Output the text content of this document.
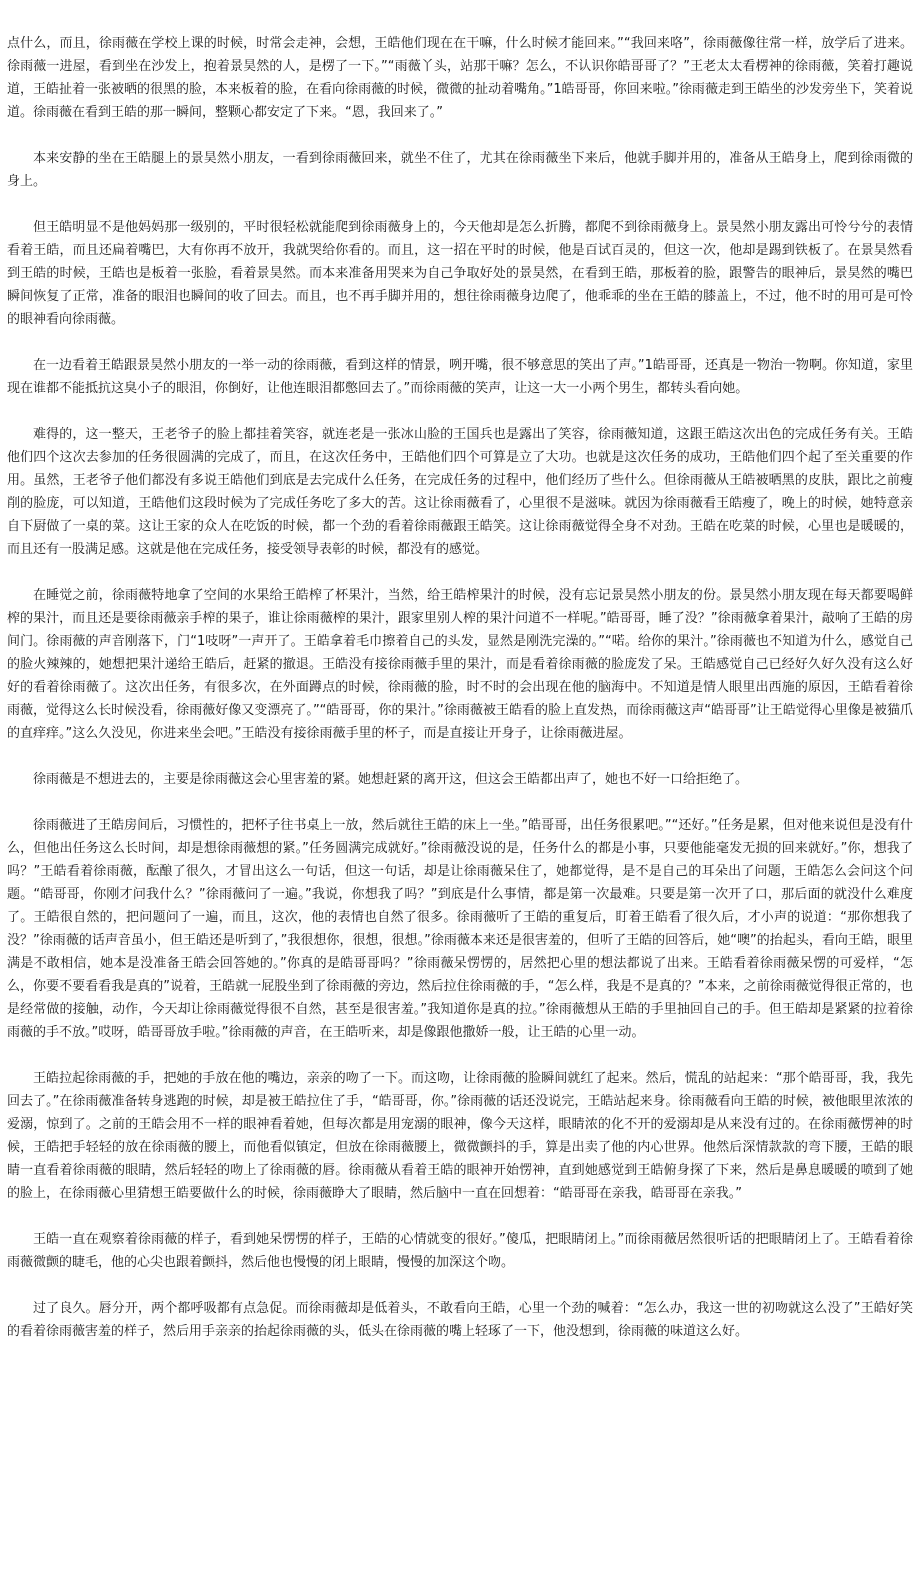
点什么，而且，徐雨薇在学校上课的时候，时常会走神，会想，王皓他们现在在干嘛，什么时候才能回来。”“我回来咯”，徐雨薇像往常一样，放学后了进来。徐雨薇一进屋，看到坐在沙发上，抱着景昊然的人，是楞了一下。”“雨薇丫头，站那干嘛？怎么，不认识你皓哥哥了？”王老太太看楞神的徐雨薇，笑着打趣说道，王皓扯着一张被晒的很黑的脸，本来板着的脸，在看向徐雨薇的时候，微微的扯动着嘴角。”1皓哥哥，你回来啦。”徐雨薇走到王皓坐的沙发旁坐下，笑着说道。徐雨薇在看到王皓的那一瞬间，整颗心都安定了下来。“恩，我回来了。”

本来安静的坐在王皓腿上的景昊然小朋友，一看到徐雨薇回来，就坐不住了，尤其在徐雨薇坐下来后，他就手脚并用的，准备从王皓身上，爬到徐雨微的身上。

但王皓明显不是他妈妈那一级别的，平时很轻松就能爬到徐雨薇身上的，今天他却是怎么折腾，都爬不到徐雨薇身上。景昊然小朋友露出可怜兮兮的表情看着王皓，而且还扁着嘴巴，大有你再不放开，我就哭给你看的。而且，这一招在平时的时候，他是百试百灵的，但这一次，他却是踢到铁板了。在景昊然看到王皓的时候，王皓也是板着一张脸，看着景昊然。而本来准备用哭来为自己争取好处的景昊然，在看到王皓，那板着的脸，跟警告的眼神后，景昊然的嘴巴瞬间恢复了正常，准备的眼泪也瞬间的收了回去。而且，也不再手脚并用的，想往徐雨薇身边爬了，他乖乖的坐在王皓的膝盖上，不过，他不时的用可是可怜的眼神看向徐雨薇。

在一边看着王皓跟景昊然小朋友的一举一动的徐雨薇，看到这样的情景，咧开嘴，很不够意思的笑出了声。”1皓哥哥，还真是一物治一物啊。你知道，家里现在谁都不能抵抗这臭小子的眼泪，你倒好，让他连眼泪都憋回去了。”而徐雨薇的笑声，让这一大一小两个男生，都转头看向她。

难得的，这一整天，王老爷子的脸上都挂着笑容，就连老是一张冰山脸的王国兵也是露出了笑容，徐雨薇知道，这跟王皓这次出色的完成任务有关。王皓他们四个这次去参加的任务很圆满的完成了，而且，在这次任务中，王皓他们四个可算是立了大功。也就是这次任务的成功，王皓他们四个起了至关重要的作用。虽然，王老爷子他们都没有多说王皓他们到底是去完成什么任务，在完成任务的过程中，他们经历了些什么。但徐雨薇从王皓被晒黑的皮肤，跟比之前瘦削的脸庞，可以知道，王皓他们这段时候为了完成任务吃了多大的苦。这让徐雨薇看了，心里很不是滋味。就因为徐雨薇看王皓瘦了，晚上的时候，她特意亲自下厨做了一桌的菜。这让王家的众人在吃饭的时候，都一个劲的看着徐雨薇跟王皓笑。这让徐雨薇觉得全身不对劲。王皓在吃菜的时候，心里也是暖暖的，而且还有一股满足感。这就是他在完成任务，接受领导表彰的时候，都没有的感觉。

在睡觉之前，徐雨薇特地拿了空间的水果给王皓榨了杯果汁，当然，给王皓榨果汁的时候，没有忘记景昊然小朋友的份。景昊然小朋友现在每天都要喝鲜榨的果汁，而且还是要徐雨薇亲手榨的果子，谁让徐雨薇榨的果汁，跟家里别人榨的果汁问道不一样呢。”皓哥哥，睡了没？”徐雨薇拿着果汁，敲响了王皓的房间门。徐雨薇的声音刚落下，门“1吱呀”一声开了。王皓拿着毛巾擦着自己的头发，显然是刚洗完澡的。”“喏。给你的果汁。”徐雨薇也不知道为什么，感觉自己的脸火辣辣的，她想把果汁递给王皓后，赶紧的撤退。王皓没有接徐雨薇手里的果汁，而是看着徐雨薇的脸庞发了呆。王皓感觉自己已经好久好久没有这么好好的看着徐雨薇了。这次出任务，有很多次，在外面蹲点的时候，徐雨薇的脸，时不时的会出现在他的脑海中。不知道是情人眼里出西施的原因，王皓看着徐雨薇，觉得这么长时候没看，徐雨薇好像又变漂亮了。”“皓哥哥，你的果汁。”徐雨薇被王皓看的脸上直发热，而徐雨薇这声“皓哥哥”让王皓觉得心里像是被猫爪的直痒痒。”这么久没见，你进来坐会吧。”王皓没有接徐雨薇手里的杯子，而是直接让开身子，让徐雨薇进屋。

徐雨薇是不想进去的，主要是徐雨薇这会心里害羞的紧。她想赶紧的离开这，但这会王皓都出声了，她也不好一口给拒绝了。

徐雨薇进了王皓房间后，习惯性的，把杯子往书桌上一放，然后就往王皓的床上一坐。”皓哥哥，出任务很累吧。”“还好。”任务是累，但对他来说但是没有什么，但他出任务这么长时间，却是想徐雨薇想的紧。”任务圆满完成就好。”徐雨薇没说的是，任务什么的都是小事，只要他能毫发无损的回来就好。”你，想我了吗？”王皓看着徐雨薇，酝酿了很久，才冒出这么一句话，但这一句话，却是让徐雨薇呆住了，她都觉得，是不是自己的耳朵出了问题，王皓怎么会问这个问题。“皓哥哥，你刚才问我什么？”徐雨薇问了一遍。”我说，你想我了吗？”到底是什么事情，都是第一次最难。只要是第一次开了口，那后面的就没什么难度了。王皓很自然的，把问题问了一遍，而且，这次，他的表情也自然了很多。徐雨薇听了王皓的重复后，盯着王皓看了很久后，才小声的说道：“那你想我了没？”徐雨薇的话声音虽小，但王皓还是听到了，”我很想你，很想，很想。”徐雨薇本来还是很害羞的，但听了王皓的回答后，她“噢”的抬起头，看向王皓，眼里满是不敢相信，她本是没准备王皓会回答她的。”你真的是皓哥哥吗？”徐雨薇呆愣愣的，居然把心里的想法都说了出来。王皓看着徐雨薇呆愣的可爱样，“怎么，你要不要看看我是真的”说着，王皓就一屁股坐到了徐雨薇的旁边，然后拉住徐雨薇的手，“怎么样，我是不是真的？”本来，之前徐雨薇觉得很正常的，也是经常做的接触，动作，今天却让徐雨薇觉得很不自然，甚至是很害羞。”我知道你是真的拉。”徐雨薇想从王皓的手里抽回自己的手。但王皓却是紧紧的拉着徐雨薇的手不放。”哎呀，皓哥哥放手啦。”徐雨薇的声音，在王皓听来，却是像跟他撒娇一般，让王皓的心里一动。

王皓拉起徐雨薇的手，把她的手放在他的嘴边，亲亲的吻了一下。而这吻，让徐雨薇的脸瞬间就红了起来。然后，慌乱的站起来：“那个皓哥哥，我，我先回去了。”在徐雨薇准备转身逃跑的时候，却是被王皓拉住了手，“皓哥哥，你。”徐雨薇的话还没说完，王皓站起来身。徐雨薇看向王皓的时候，被他眼里浓浓的爱溺，惊到了。之前的王皓会用不一样的眼神看着她，但每次都是用宠溺的眼神，像今天这样，眼睛浓的化不开的爱溺却是从来没有过的。在徐雨薇愣神的时候，王皓把手轻轻的放在徐雨薇的腰上，而他看似镇定，但放在徐雨薇腰上，微微颤抖的手，算是出卖了他的内心世界。他然后深情款款的弯下腰，王皓的眼睛一直看着徐雨薇的眼睛，然后轻轻的吻上了徐雨薇的唇。徐雨薇从看着王皓的眼神开始愣神，直到她感觉到王皓俯身探了下来，然后是鼻息暖暖的喷到了她的脸上，在徐雨薇心里猜想王皓要做什么的时候，徐雨薇睁大了眼睛，然后脑中一直在回想着：“皓哥哥在亲我，皓哥哥在亲我。”

王皓一直在观察着徐雨薇的样子，看到她呆愣愣的样子，王皓的心情就变的很好。”傻瓜，把眼睛闭上。”而徐雨薇居然很听话的把眼睛闭上了。王皓看着徐雨薇微颤的睫毛，他的心尖也跟着颤抖，然后他也慢慢的闭上眼睛，慢慢的加深这个吻。

过了良久。唇分开，两个都呼吸都有点急促。而徐雨薇却是低着头，不敢看向王皓，心里一个劲的喊着：“怎么办，我这一世的初吻就这么没了”王皓好笑的看着徐雨薇害羞的样子，然后用手亲亲的抬起徐雨薇的头，低头在徐雨薇的嘴上轻琢了一下，他没想到，徐雨薇的味道这么好。
